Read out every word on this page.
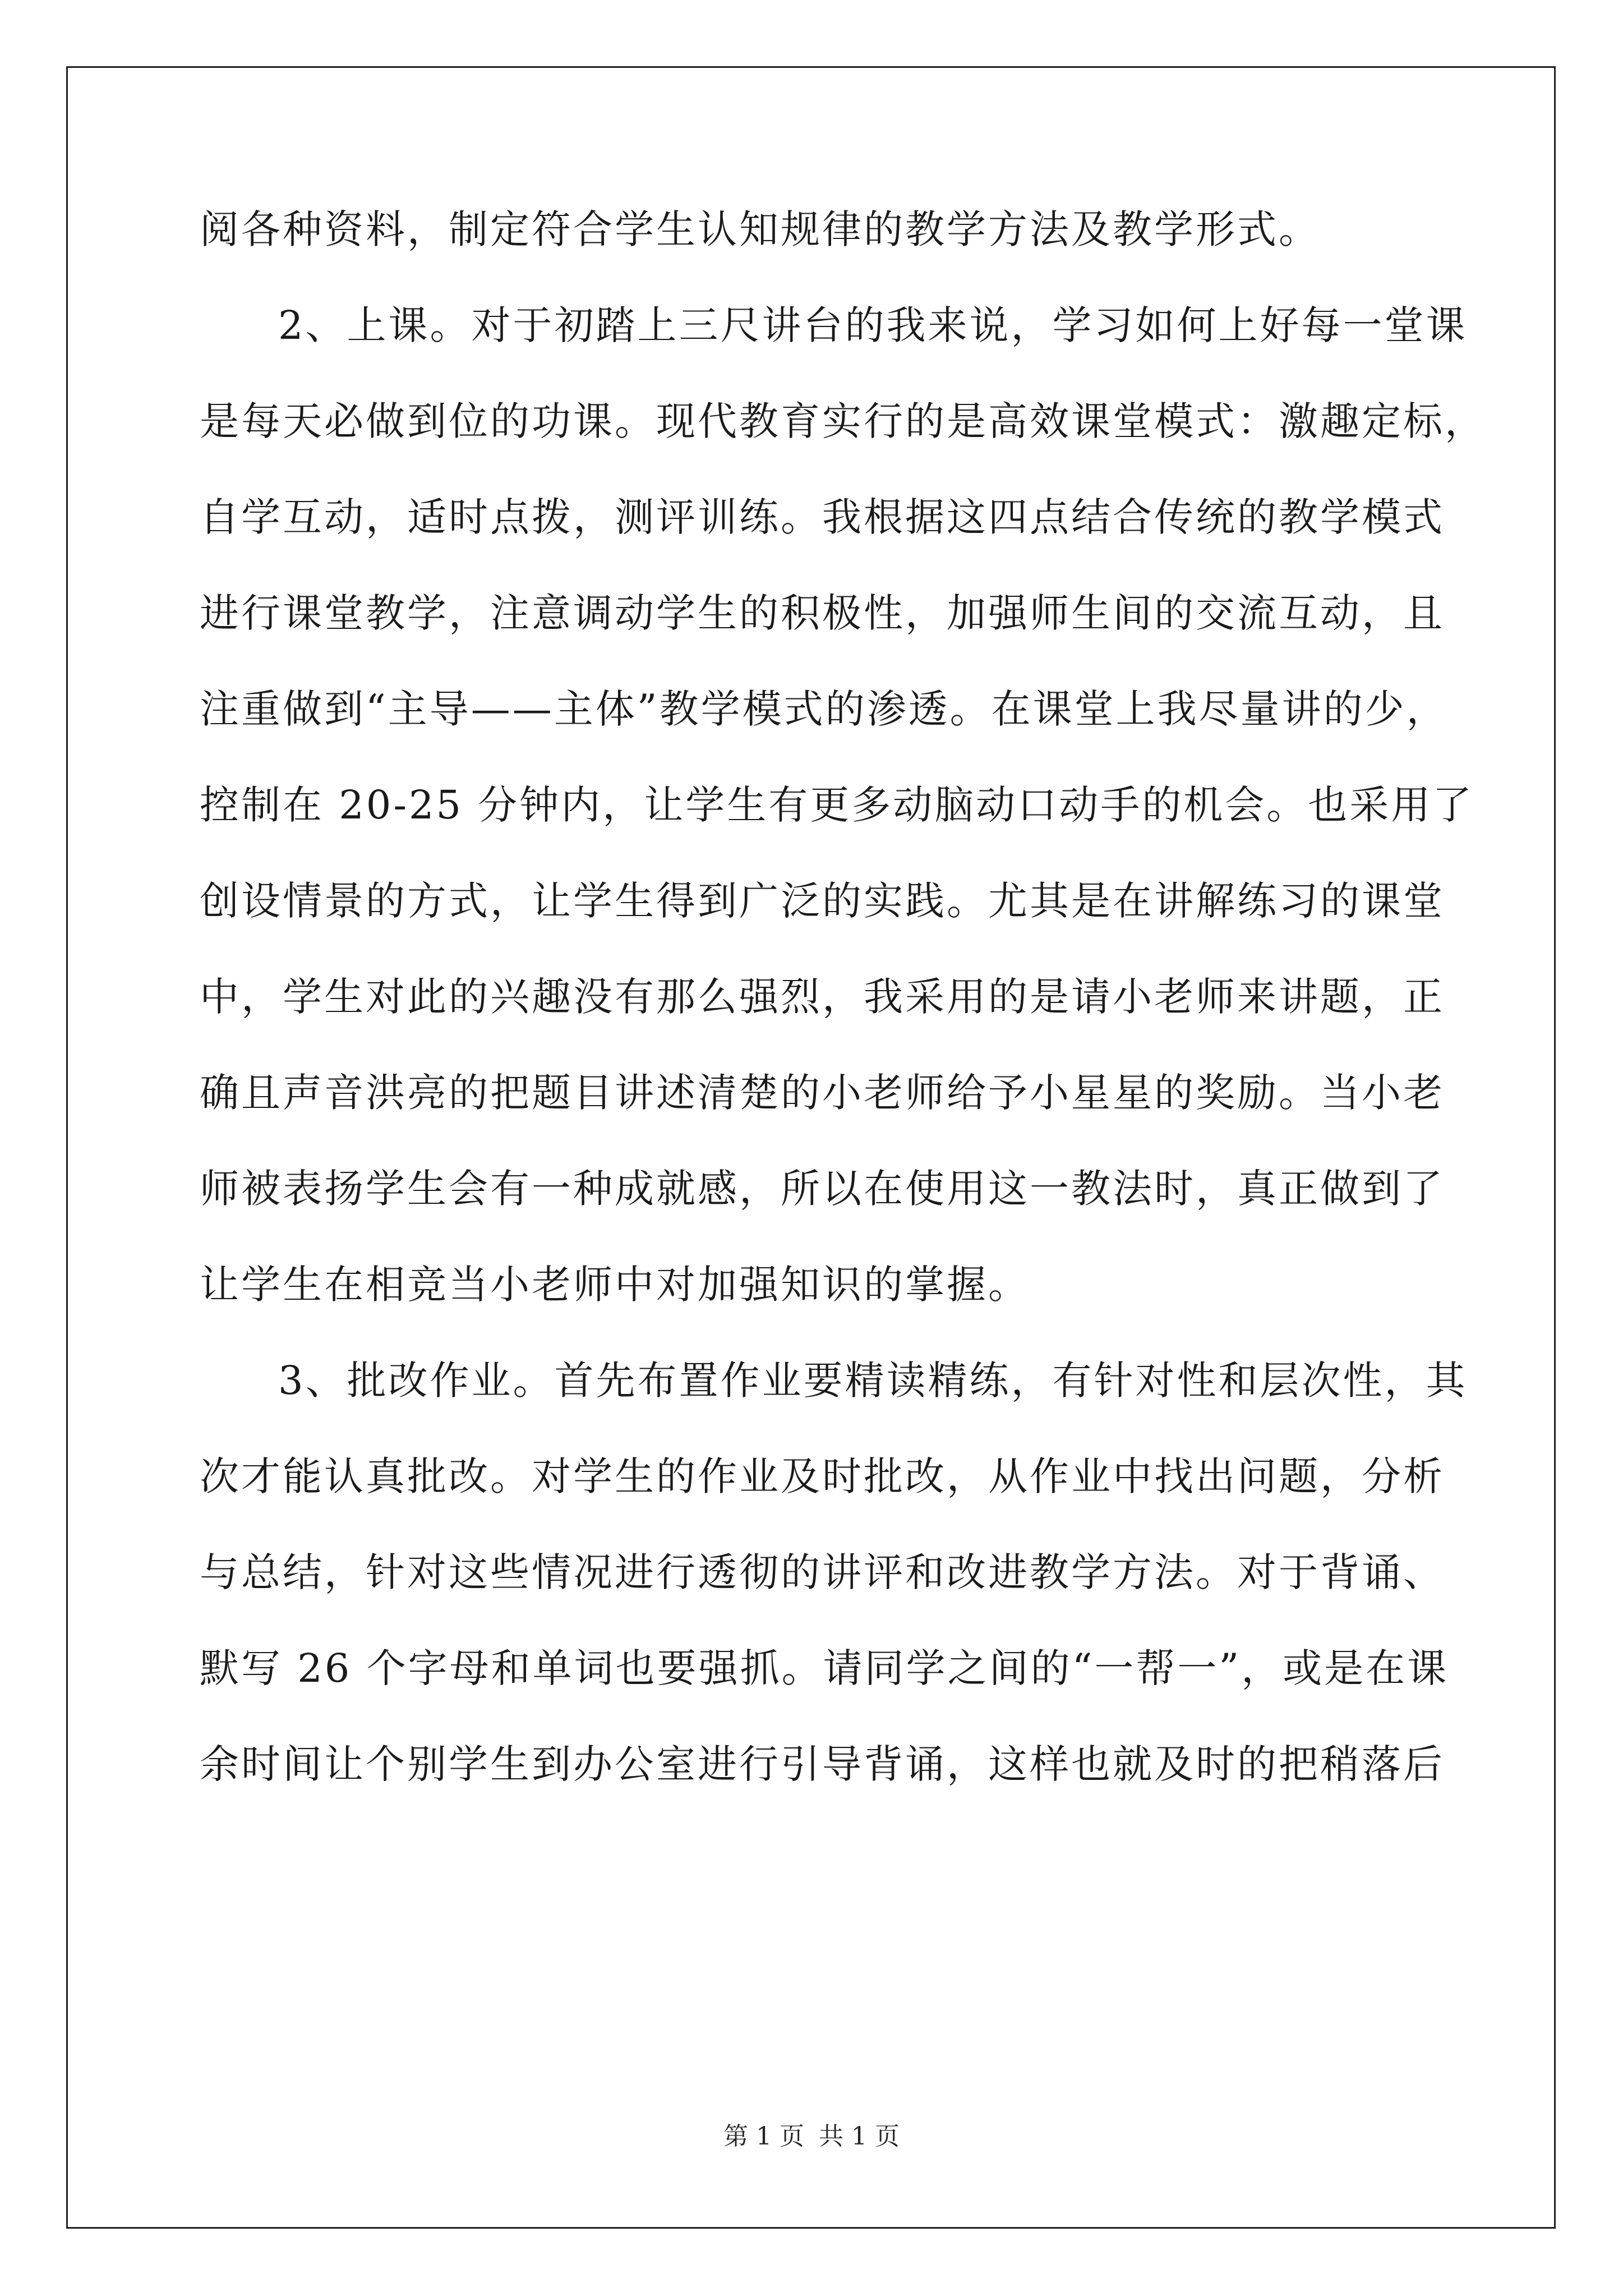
阅各种资料，制定符合学生认知规律的教学方法及教学形式。
2、上课。对于初踏上三尺讲台的我来说，学习如何上好每一堂课
是每天必做到位的功课。现代教育实行的是高效课堂模式：激趣定标，
自学互动，适时点拨，测评训练。我根据这四点结合传统的教学模式
进行课堂教学，注意调动学生的积极性，加强师生间的交流互动，且
注重做到“主导——主体”教学模式的渗透。在课堂上我尽量讲的少，
控制在 20-25 分钟内，让学生有更多动脑动口动手的机会。也采用了
创设情景的方式，让学生得到广泛的实践。尤其是在讲解练习的课堂
中，学生对此的兴趣没有那么强烈，我采用的是请小老师来讲题，正
确且声音洪亮的把题目讲述清楚的小老师给予小星星的奖励。当小老
师被表扬学生会有一种成就感，所以在使用这一教法时，真正做到了
让学生在相竞当小老师中对加强知识的掌握。
3、批改作业。首先布置作业要精读精练，有针对性和层次性，其
次才能认真批改。对学生的作业及时批改，从作业中找出问题，分析
与总结，针对这些情况进行透彻的讲评和改进教学方法。对于背诵、
默写 26 个字母和单词也要强抓。请同学之间的“一帮一”，或是在课
余时间让个别学生到办公室进行引导背诵，这样也就及时的把稍落后
第 1 页 共 1 页
